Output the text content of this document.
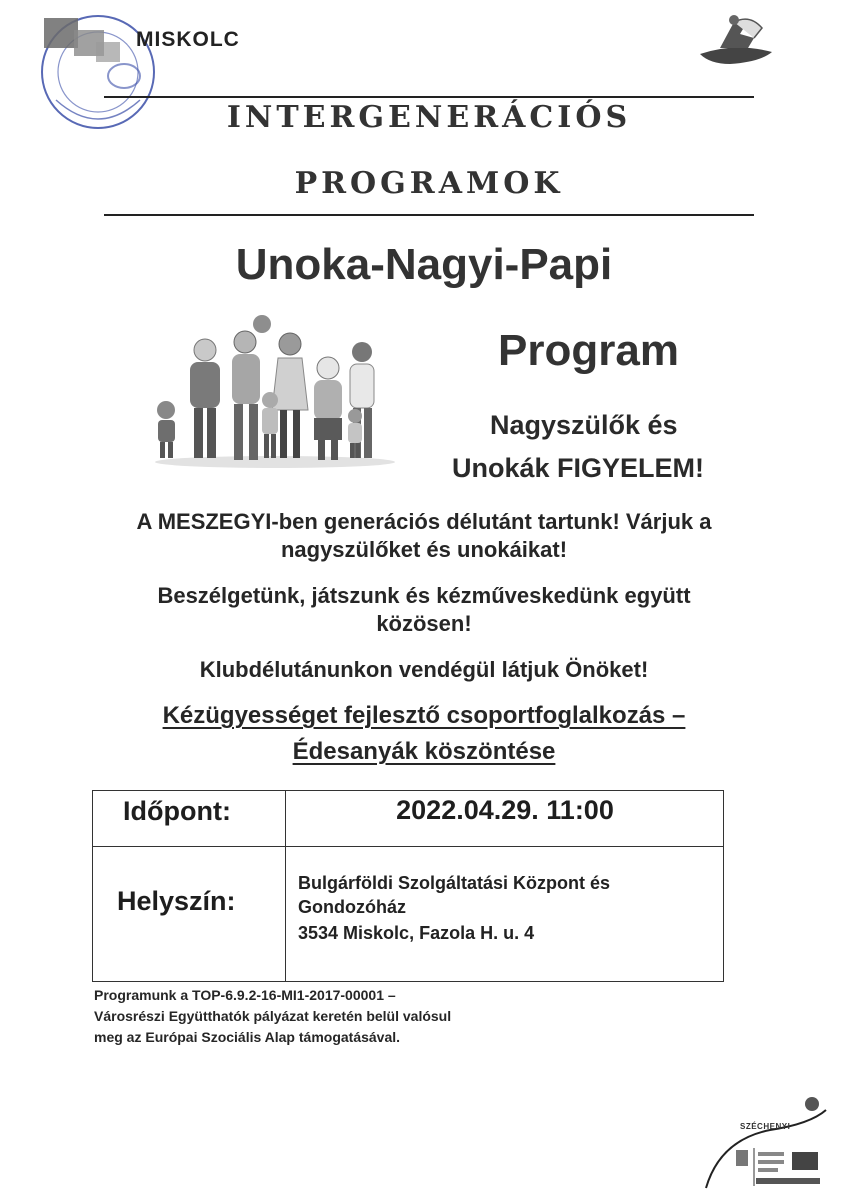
MISKOLC
INTERGENERÁCIÓS
PROGRAMOK
Unoka-Nagyi-Papi
Program
Nagyszülők és
Unokák FIGYELEM!
A MESZEGYI-ben generációs délutánt tartunk! Várjuk a nagyszülőket és unokáikat!
Beszélgetünk, játszunk és kézműveskedünk együtt közösen!
Klubdélutánunkon vendégül látjuk Önöket!
Kézügyességet fejlesztő csoportfoglalkozás –
Édesanyák köszöntése
Időpont:	2022.04.29. 11:00
Helyszín:
Bulgárföldi Szolgáltatási Központ és
Gondozóház
3534 Miskolc, Fazola H. u. 4
Programunk a TOP-6.9.2-16-MI1-2017-00001 –
Városrészi Együtthatók pályázat keretén belül valósul
meg az Európai Szociális Alap támogatásával.
SZÉCHENYI
